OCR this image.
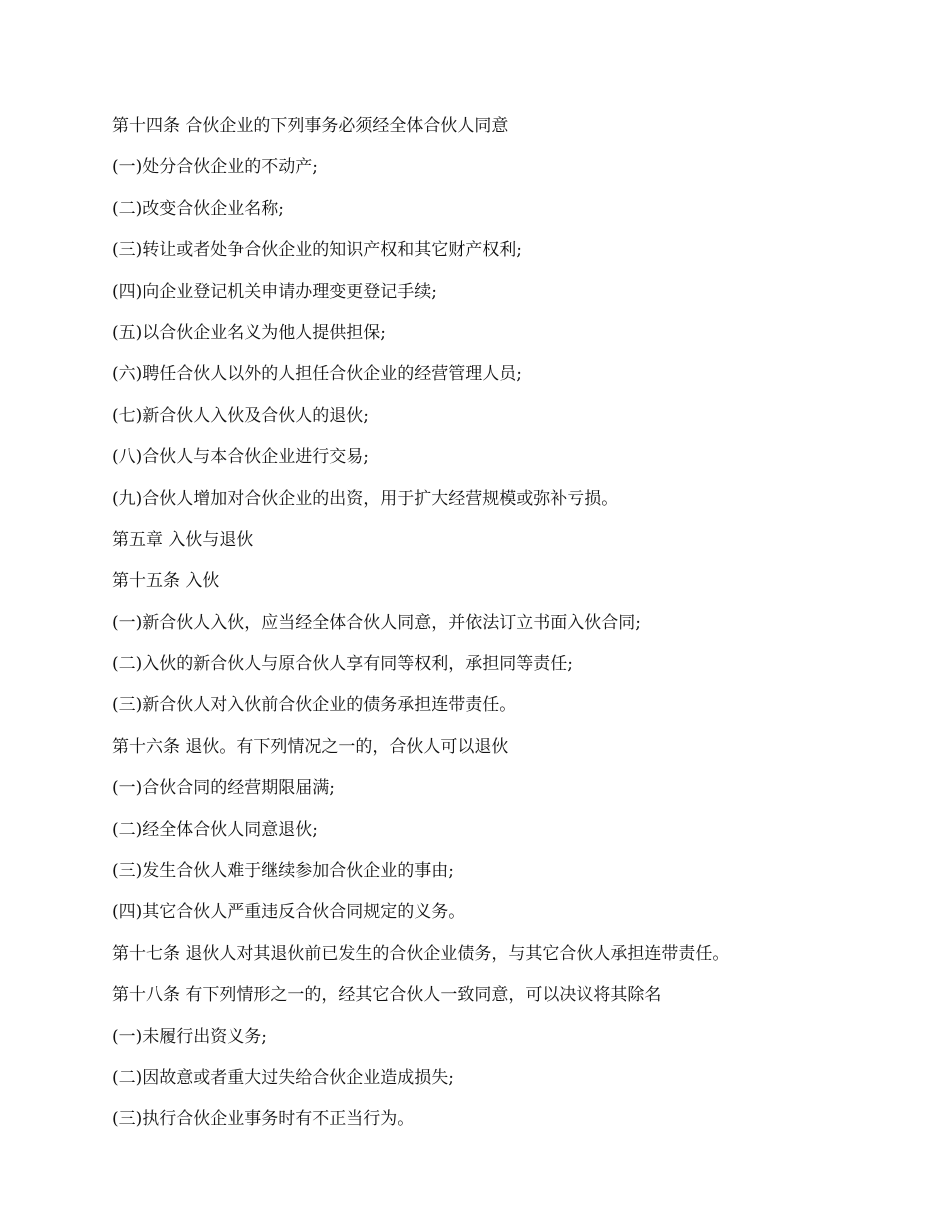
第十四条 合伙企业的下列事务必须经全体合伙人同意
(一)处分合伙企业的不动产;
(二)改变合伙企业名称;
(三)转让或者处争合伙企业的知识产权和其它财产权利;
(四)向企业登记机关申请办理变更登记手续;
(五)以合伙企业名义为他人提供担保;
(六)聘任合伙人以外的人担任合伙企业的经营管理人员;
(七)新合伙人入伙及合伙人的退伙;
(八)合伙人与本合伙企业进行交易;
(九)合伙人增加对合伙企业的出资，用于扩大经营规模或弥补亏损。
第五章 入伙与退伙
第十五条 入伙
(一)新合伙人入伙，应当经全体合伙人同意，并依法订立书面入伙合同;
(二)入伙的新合伙人与原合伙人享有同等权利，承担同等责任;
(三)新合伙人对入伙前合伙企业的债务承担连带责任。
第十六条 退伙。有下列情况之一的，合伙人可以退伙
(一)合伙合同的经营期限届满;
(二)经全体合伙人同意退伙;
(三)发生合伙人难于继续参加合伙企业的事由;
(四)其它合伙人严重违反合伙合同规定的义务。
第十七条 退伙人对其退伙前已发生的合伙企业债务，与其它合伙人承担连带责任。
第十八条 有下列情形之一的，经其它合伙人一致同意，可以决议将其除名
(一)未履行出资义务;
(二)因故意或者重大过失给合伙企业造成损失;
(三)执行合伙企业事务时有不正当行为。
